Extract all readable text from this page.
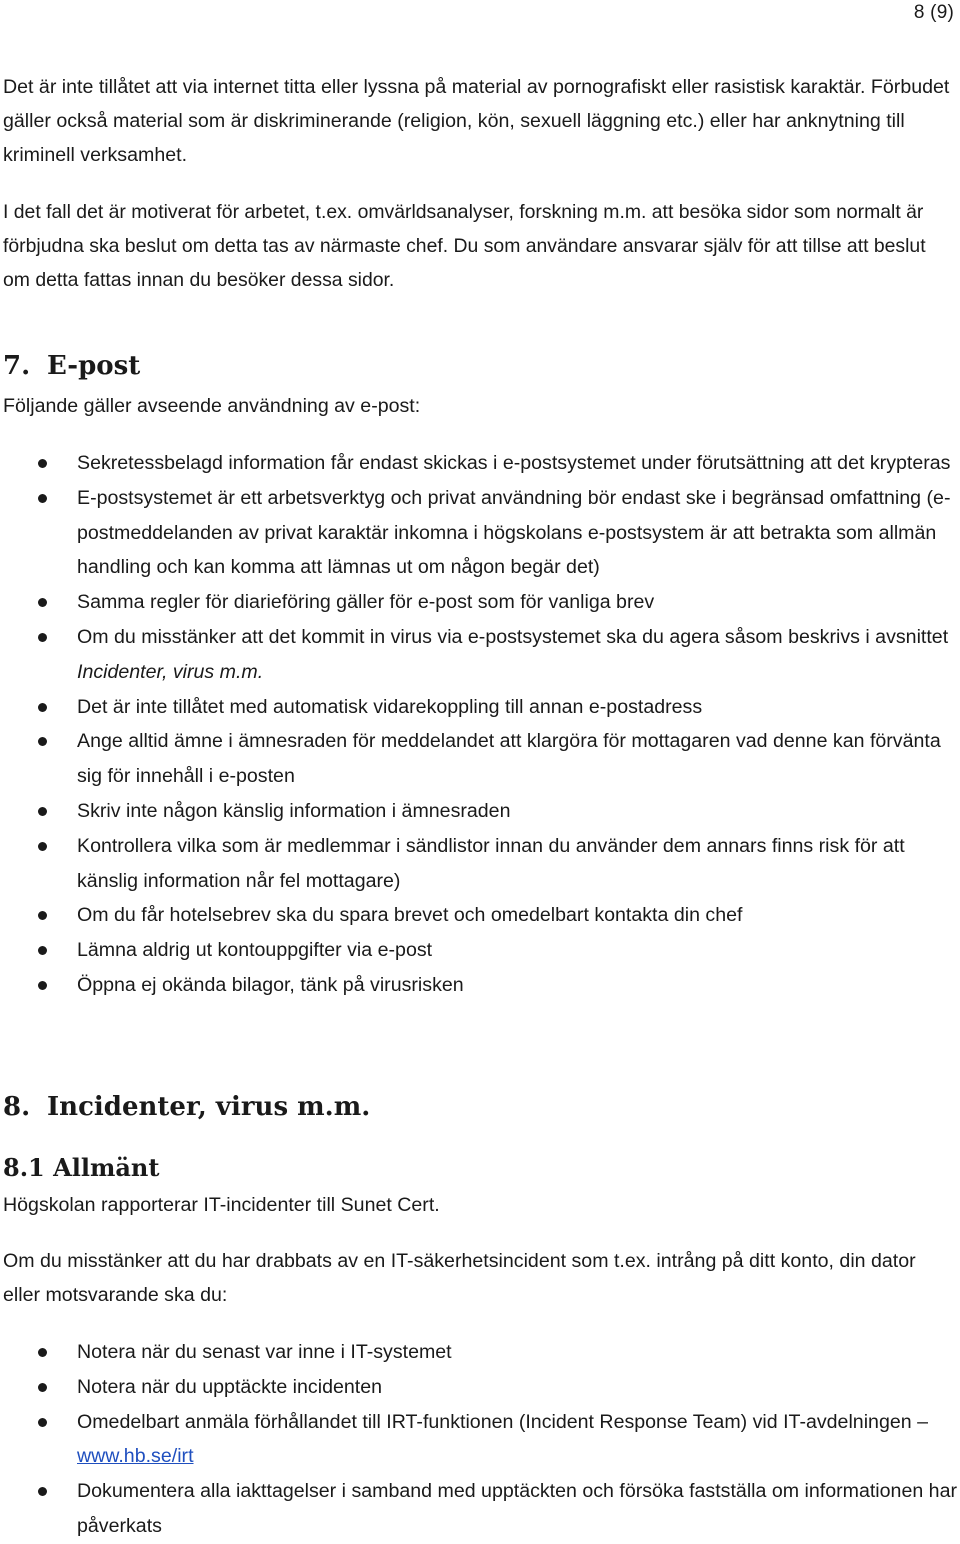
8 (9)

Det är inte tillåtet att via internet titta eller lyssna på material av pornografiskt eller rasistisk karaktär. Förbudet gäller också material som är diskriminerande (religion, kön, sexuell läggning etc.) eller har anknytning till kriminell verksamhet.

I det fall det är motiverat för arbetet, t.ex. omvärldsanalyser, forskning m.m. att besöka sidor som normalt är förbjudna ska beslut om detta tas av närmaste chef. Du som användare ansvarar själv för att tillse att beslut om detta fattas innan du besöker dessa sidor.

7. E-post

Följande gäller avseende användning av e-post:

Sekretessbelagd information får endast skickas i e-postsystemet under förutsättning att det krypteras
E-postsystemet är ett arbetsverktyg och privat användning bör endast ske i begränsad omfattning (e-postmeddelanden av privat karaktär inkomna i högskolans e-postsystem är att betrakta som allmän handling och kan komma att lämnas ut om någon begär det)
Samma regler för diarieföring gäller för e-post som för vanliga brev
Om du misstänker att det kommit in virus via e-postsystemet ska du agera såsom beskrivs i avsnittet Incidenter, virus m.m.
Det är inte tillåtet med automatisk vidarekoppling till annan e-postadress
Ange alltid ämne i ämnesraden för meddelandet att klargöra för mottagaren vad denne kan förvänta sig för innehåll i e-posten
Skriv inte någon känslig information i ämnesraden
Kontrollera vilka som är medlemmar i sändlistor innan du använder dem annars finns risk för att känslig information når fel mottagare)
Om du får hotelsebrev ska du spara brevet och omedelbart kontakta din chef
Lämna aldrig ut kontouppgifter via e-post
Öppna ej okända bilagor, tänk på virusrisken
8. Incidenter, virus m.m.
8.1 Allmänt

Högskolan rapporterar IT-incidenter till Sunet Cert.

Om du misstänker att du har drabbats av en IT-säkerhetsincident som t.ex. intrång på ditt konto, din dator eller motsvarande ska du:

Notera när du senast var inne i IT-systemet
Notera när du upptäckte incidenten
Omedelbart anmäla förhållandet till IRT-funktionen (Incident Response Team) vid IT-avdelningen – www.hb.se/irt
Dokumentera alla iakttagelser i samband med upptäckten och försöka fastställa om informationen har påverkats
